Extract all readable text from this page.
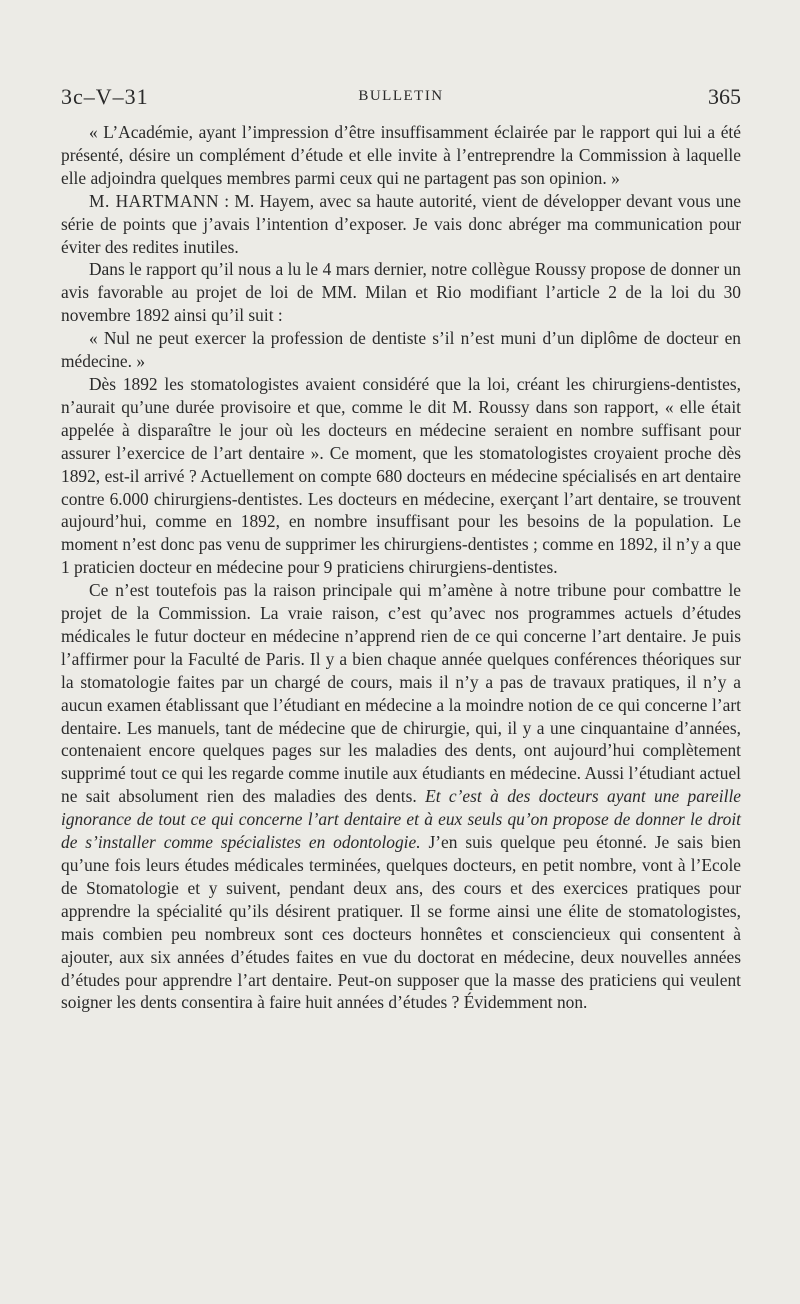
3c–V–31	BULLETIN	365

« L’Académie, ayant l’impression d’être insuffisamment éclairée par le rapport qui lui a été présenté, désire un complément d’étude et elle invite à l’entreprendre la Commission à laquelle elle adjoindra quelques membres parmi ceux qui ne partagent pas son opinion. »

M. HARTMANN : M. Hayem, avec sa haute autorité, vient de développer devant vous une série de points que j’avais l’intention d’exposer. Je vais donc abréger ma communication pour éviter des redites inutiles.

Dans le rapport qu’il nous a lu le 4 mars dernier, notre collègue Roussy propose de donner un avis favorable au projet de loi de MM. Milan et Rio modifiant l’article 2 de la loi du 30 novembre 1892 ainsi qu’il suit :

« Nul ne peut exercer la profession de dentiste s’il n’est muni d’un diplôme de docteur en médecine. »

Dès 1892 les stomatologistes avaient considéré que la loi, créant les chirurgiens-dentistes, n’aurait qu’une durée provisoire et que, comme le dit M. Roussy dans son rapport, « elle était appelée à disparaître le jour où les docteurs en médecine seraient en nombre suffisant pour assurer l’exercice de l’art dentaire ». Ce moment, que les stomatologistes croyaient proche dès 1892, est-il arrivé ? Actuellement on compte 680 docteurs en médecine spécialisés en art dentaire contre 6.000 chirurgiens-dentistes. Les docteurs en médecine, exerçant l’art dentaire, se trouvent aujourd’hui, comme en 1892, en nombre insuffisant pour les besoins de la population. Le moment n’est donc pas venu de supprimer les chirurgiens-dentistes ; comme en 1892, il n’y a que 1 praticien docteur en médecine pour 9 praticiens chirurgiens-dentistes.

Ce n’est toutefois pas la raison principale qui m’amène à notre tribune pour combattre le projet de la Commission. La vraie raison, c’est qu’avec nos programmes actuels d’études médicales le futur docteur en médecine n’apprend rien de ce qui concerne l’art dentaire. Je puis l’affirmer pour la Faculté de Paris. Il y a bien chaque année quelques conférences théoriques sur la stomatologie faites par un chargé de cours, mais il n’y a pas de travaux pratiques, il n’y a aucun examen établissant que l’étudiant en médecine a la moindre notion de ce qui concerne l’art dentaire. Les manuels, tant de médecine que de chirurgie, qui, il y a une cinquantaine d’années, contenaient encore quelques pages sur les maladies des dents, ont aujourd’hui complètement supprimé tout ce qui les regarde comme inutile aux étudiants en médecine. Aussi l’étudiant actuel ne sait absolument rien des maladies des dents. Et c’est à des docteurs ayant une pareille ignorance de tout ce qui concerne l’art dentaire et à eux seuls qu’on propose de donner le droit de s’installer comme spécialistes en odontologie. J’en suis quelque peu étonné. Je sais bien qu’une fois leurs études médicales terminées, quelques docteurs, en petit nombre, vont à l’Ecole de Stomatologie et y suivent, pendant deux ans, des cours et des exercices pratiques pour apprendre la spécialité qu’ils désirent pratiquer. Il se forme ainsi une élite de stomatologistes, mais combien peu nombreux sont ces docteurs honnêtes et consciencieux qui consentent à ajouter, aux six années d’études faites en vue du doctorat en médecine, deux nouvelles années d’études pour apprendre l’art dentaire. Peut-on supposer que la masse des praticiens qui veulent soigner les dents consentira à faire huit années d’études ? Évidemment non.
